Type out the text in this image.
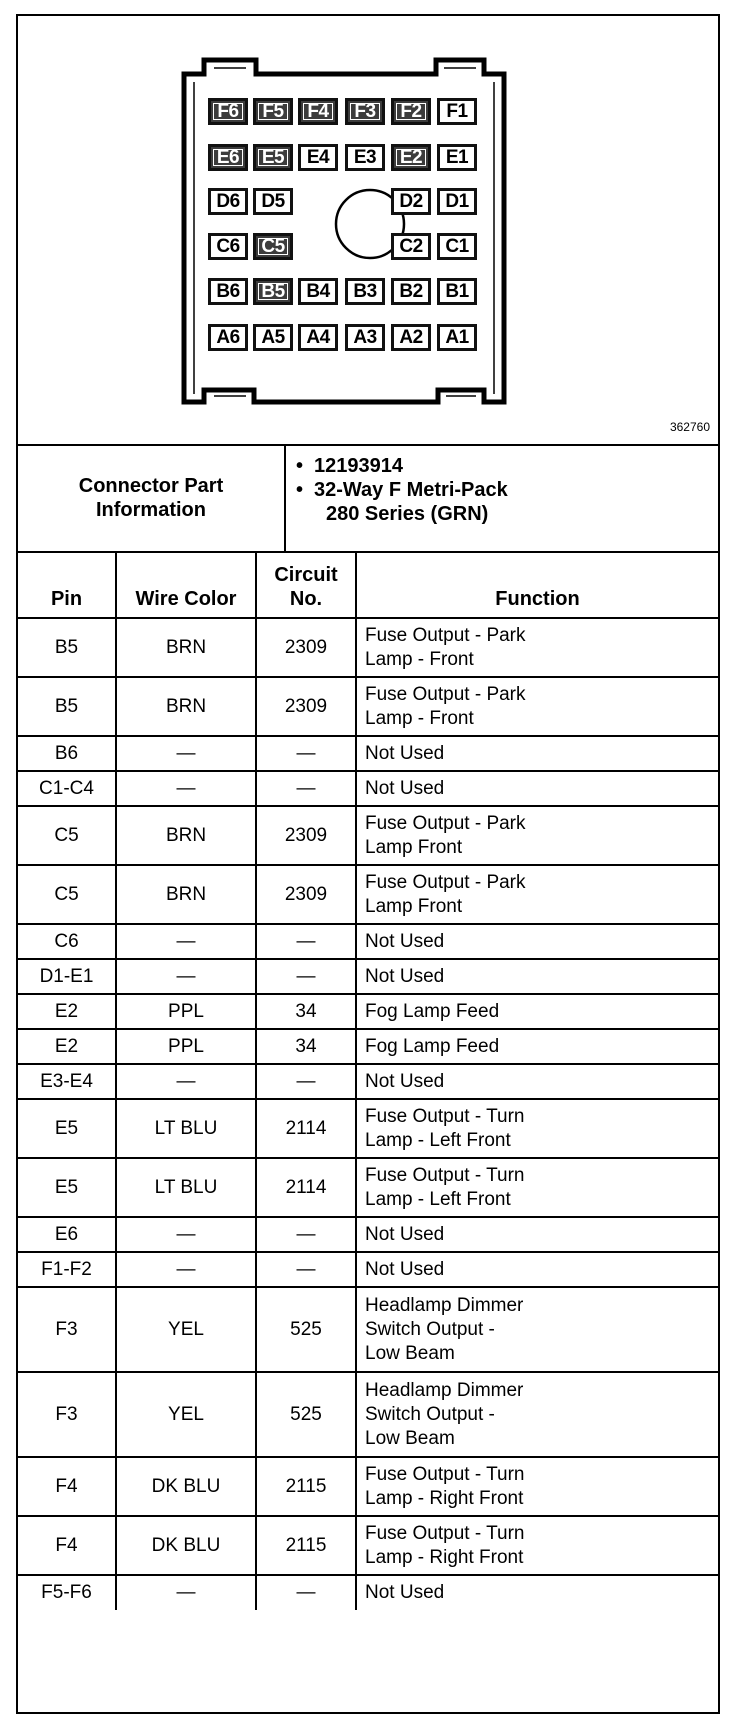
F6	F5	F4	F3	F2	F1
E6	E5	E4	E3	E2	E1
D6	D5	D2	D1
C6	C5	C2	C1
B6	B5	B4	B3	B2	B1
A6	A5	A4	A3	A2	A1
362760
Connector Part Information
• 12193914
• 32-Way F Metri-Pack
280 Series (GRN)
Pin	Wire Color	Circuit No.	Function
B5	BRN	2309	Fuse Output - Park
Lamp - Front

B5	BRN	2309	Fuse Output - Park
Lamp - Front

B6	—	—	Not Used

C1-C4	—	—	Not Used

C5	BRN	2309	Fuse Output - Park
Lamp Front

C5	BRN	2309	Fuse Output - Park
Lamp Front

C6	—	—	Not Used

D1-E1	—	—	Not Used

E2	PPL	34	Fog Lamp Feed

E2	PPL	34	Fog Lamp Feed

E3-E4	—	—	Not Used

E5	LT BLU	2114	Fuse Output - Turn
Lamp - Left Front

E5	LT BLU	2114	Fuse Output - Turn
Lamp - Left Front

E6	—	—	Not Used

F1-F2	—	—	Not Used

F3	YEL	525	Headlamp Dimmer
Switch Output -
Low Beam

F3	YEL	525	Headlamp Dimmer
Switch Output -
Low Beam

F4	DK BLU	2115	Fuse Output - Turn
Lamp - Right Front

F4	DK BLU	2115	Fuse Output - Turn
Lamp - Right Front

F5-F6	—	—	Not Used
